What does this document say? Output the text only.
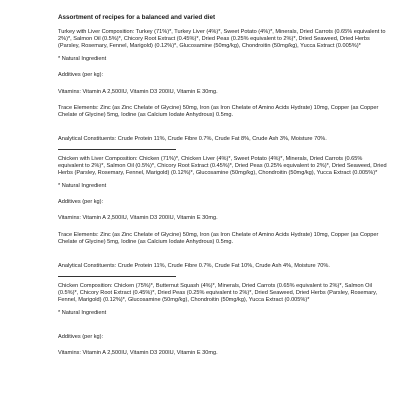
Assortment of recipes for a balanced and varied diet

Turkey with Liver Composition: Turkey (71%)*, Turkey Liver (4%)*, Sweet Potato (4%)*, Minerals, Dried Carrots (0.65% equivalent to 2%)*, Salmon Oil (0.5%)*, Chicory Root Extract (0.45%)*, Dried Peas (0.25% equivalent to 2%)*, Dried Seaweed, Dried Herbs (Parsley, Rosemary, Fennel, Marigold) (0.12%)*, Glucosamine (50mg/kg), Chondroitin (50mg/kg), Yucca Extract (0.005%)*

* Natural Ingredient

Additives (per kg):

Vitamins: Vitamin A 2,500IU, Vitamin D3 200IU, Vitamin E 30mg.

Trace Elements: Zinc (as Zinc Chelate of Glycine) 50mg, Iron (as Iron Chelate of Amino Acids Hydrate) 10mg, Copper (as Copper Chelate of Glycine) 5mg, Iodine (as Calcium Iodate Anhydrous) 0.5mg.

Analytical Constituents: Crude Protein 11%, Crude Fibre 0.7%, Crude Fat 8%, Crude Ash 3%, Moisture 70%.

Chicken with Liver Composition: Chicken (71%)*, Chicken Liver (4%)*, Sweet Potato (4%)*, Minerals, Dried Carrots (0.65% equivalent to 2%)*, Salmon Oil (0.5%)*, Chicory Root Extract (0.45%)*, Dried Peas (0.25% equivalent to 2%)*, Dried Seaweed, Dried Herbs (Parsley, Rosemary, Fennel, Marigold) (0.12%)*, Glucosamine (50mg/kg), Chondroitin (50mg/kg), Yucca Extract (0.005%)*

* Natural Ingredient

Additives (per kg):

Vitamins: Vitamin A 2,500IU, Vitamin D3 200IU, Vitamin E 30mg.

Trace Elements: Zinc (as Zinc Chelate of Glycine) 50mg, Iron (as Iron Chelate of Amino Acids Hydrate) 10mg, Copper (as Copper Chelate of Glycine) 5mg, Iodine (as Calcium Iodate Anhydrous) 0.5mg.

Analytical Constituents: Crude Protein 11%, Crude Fibre 0.7%, Crude Fat 10%, Crude Ash 4%, Moisture 70%.

Chicken Composition: Chicken (75%)*, Butternut Squash (4%)*, Minerals, Dried Carrots (0.65% equivalent to 2%)*, Salmon Oil (0.5%)*, Chicory Root Extract (0.45%)*, Dried Peas (0.25% equivalent to 2%)*, Dried Seaweed, Dried Herbs (Parsley, Rosemary, Fennel, Marigold) (0.12%)*, Glucosamine (50mg/kg), Chondroitin (50mg/kg), Yucca Extract (0.005%)*

* Natural Ingredient

Additives (per kg):

Vitamins: Vitamin A 2,500IU, Vitamin D3 200IU, Vitamin E 30mg.
